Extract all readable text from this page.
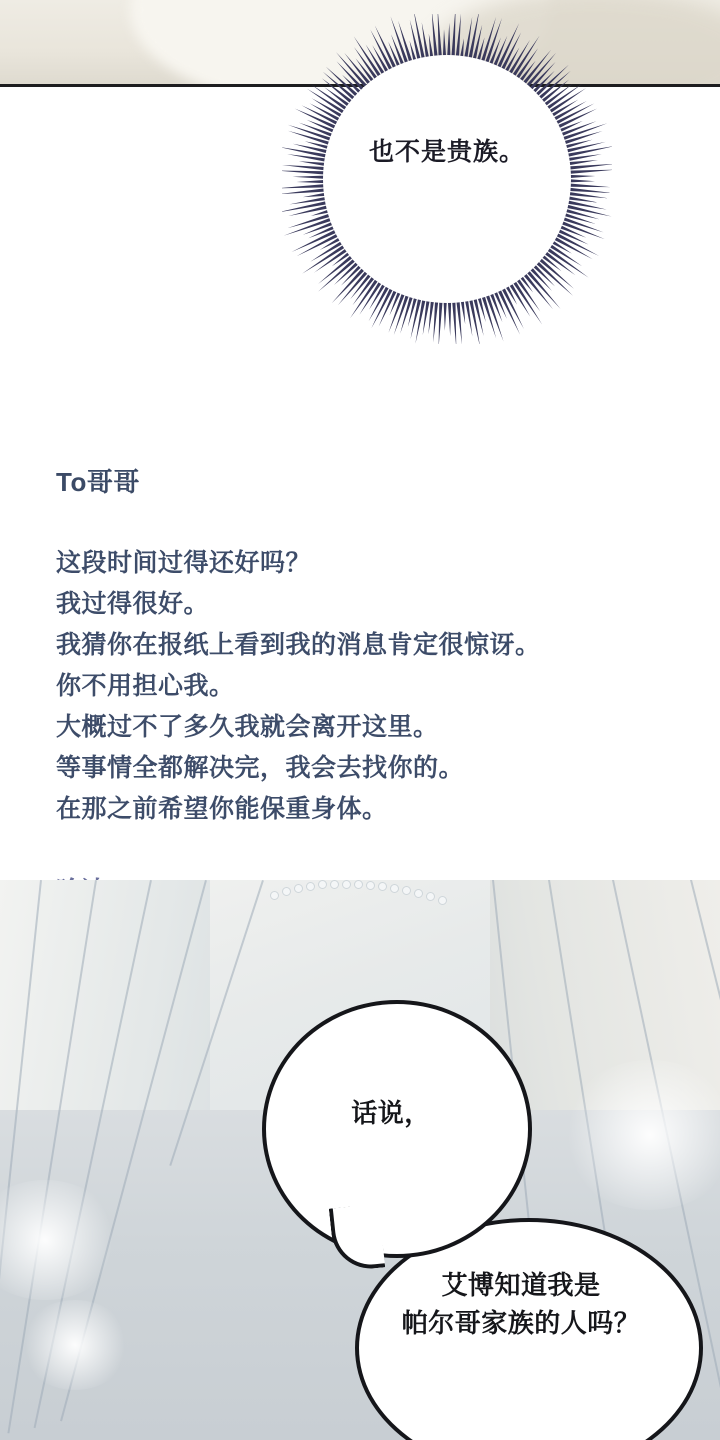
也不是贵族。
To哥哥
这段时间过得还好吗？
我过得很好。
我猜你在报纸上看到我的消息肯定很惊讶。
你不用担心我。
大概过不了多久我就会离开这里。
等事情全都解决完，我会去找你的。
在那之前希望你能保重身体。
话说，
艾博知道我是
帕尔哥家族的人吗？
